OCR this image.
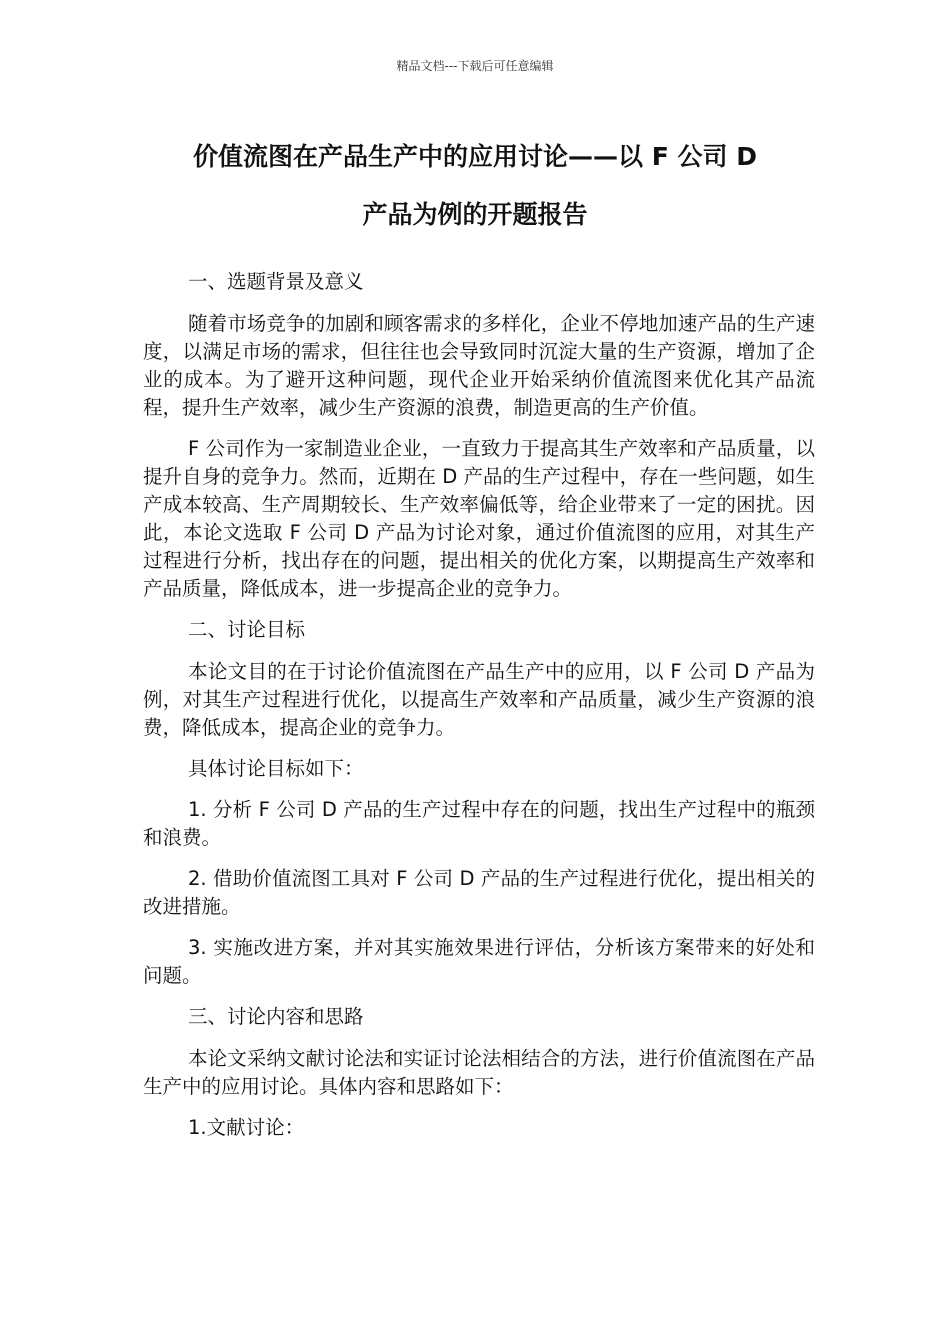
精品文档---下载后可任意编辑
价值流图在产品生产中的应用讨论——以 F 公司 D
产品为例的开题报告

一、选题背景及意义

随着市场竞争的加剧和顾客需求的多样化，企业不停地加速产品的生产速度，以满足市场的需求，但往往也会导致同时沉淀大量的生产资源，增加了企业的成本。为了避开这种问题，现代企业开始采纳价值流图来优化其产品流程，提升生产效率，减少生产资源的浪费，制造更高的生产价值。

F 公司作为一家制造业企业，一直致力于提高其生产效率和产品质量，以提升自身的竞争力。然而，近期在 D 产品的生产过程中，存在一些问题，如生产成本较高、生产周期较长、生产效率偏低等，给企业带来了一定的困扰。因此，本论文选取 F 公司 D 产品为讨论对象，通过价值流图的应用，对其生产过程进行分析，找出存在的问题，提出相关的优化方案，以期提高生产效率和产品质量，降低成本，进一步提高企业的竞争力。

二、讨论目标

本论文目的在于讨论价值流图在产品生产中的应用，以 F 公司 D 产品为例，对其生产过程进行优化，以提高生产效率和产品质量，减少生产资源的浪费，降低成本，提高企业的竞争力。

具体讨论目标如下：

1. 分析 F 公司 D 产品的生产过程中存在的问题，找出生产过程中的瓶颈和浪费。

2. 借助价值流图工具对 F 公司 D 产品的生产过程进行优化，提出相关的改进措施。

3. 实施改进方案，并对其实施效果进行评估，分析该方案带来的好处和问题。

三、讨论内容和思路

本论文采纳文献讨论法和实证讨论法相结合的方法，进行价值流图在产品生产中的应用讨论。具体内容和思路如下：

1.文献讨论：
